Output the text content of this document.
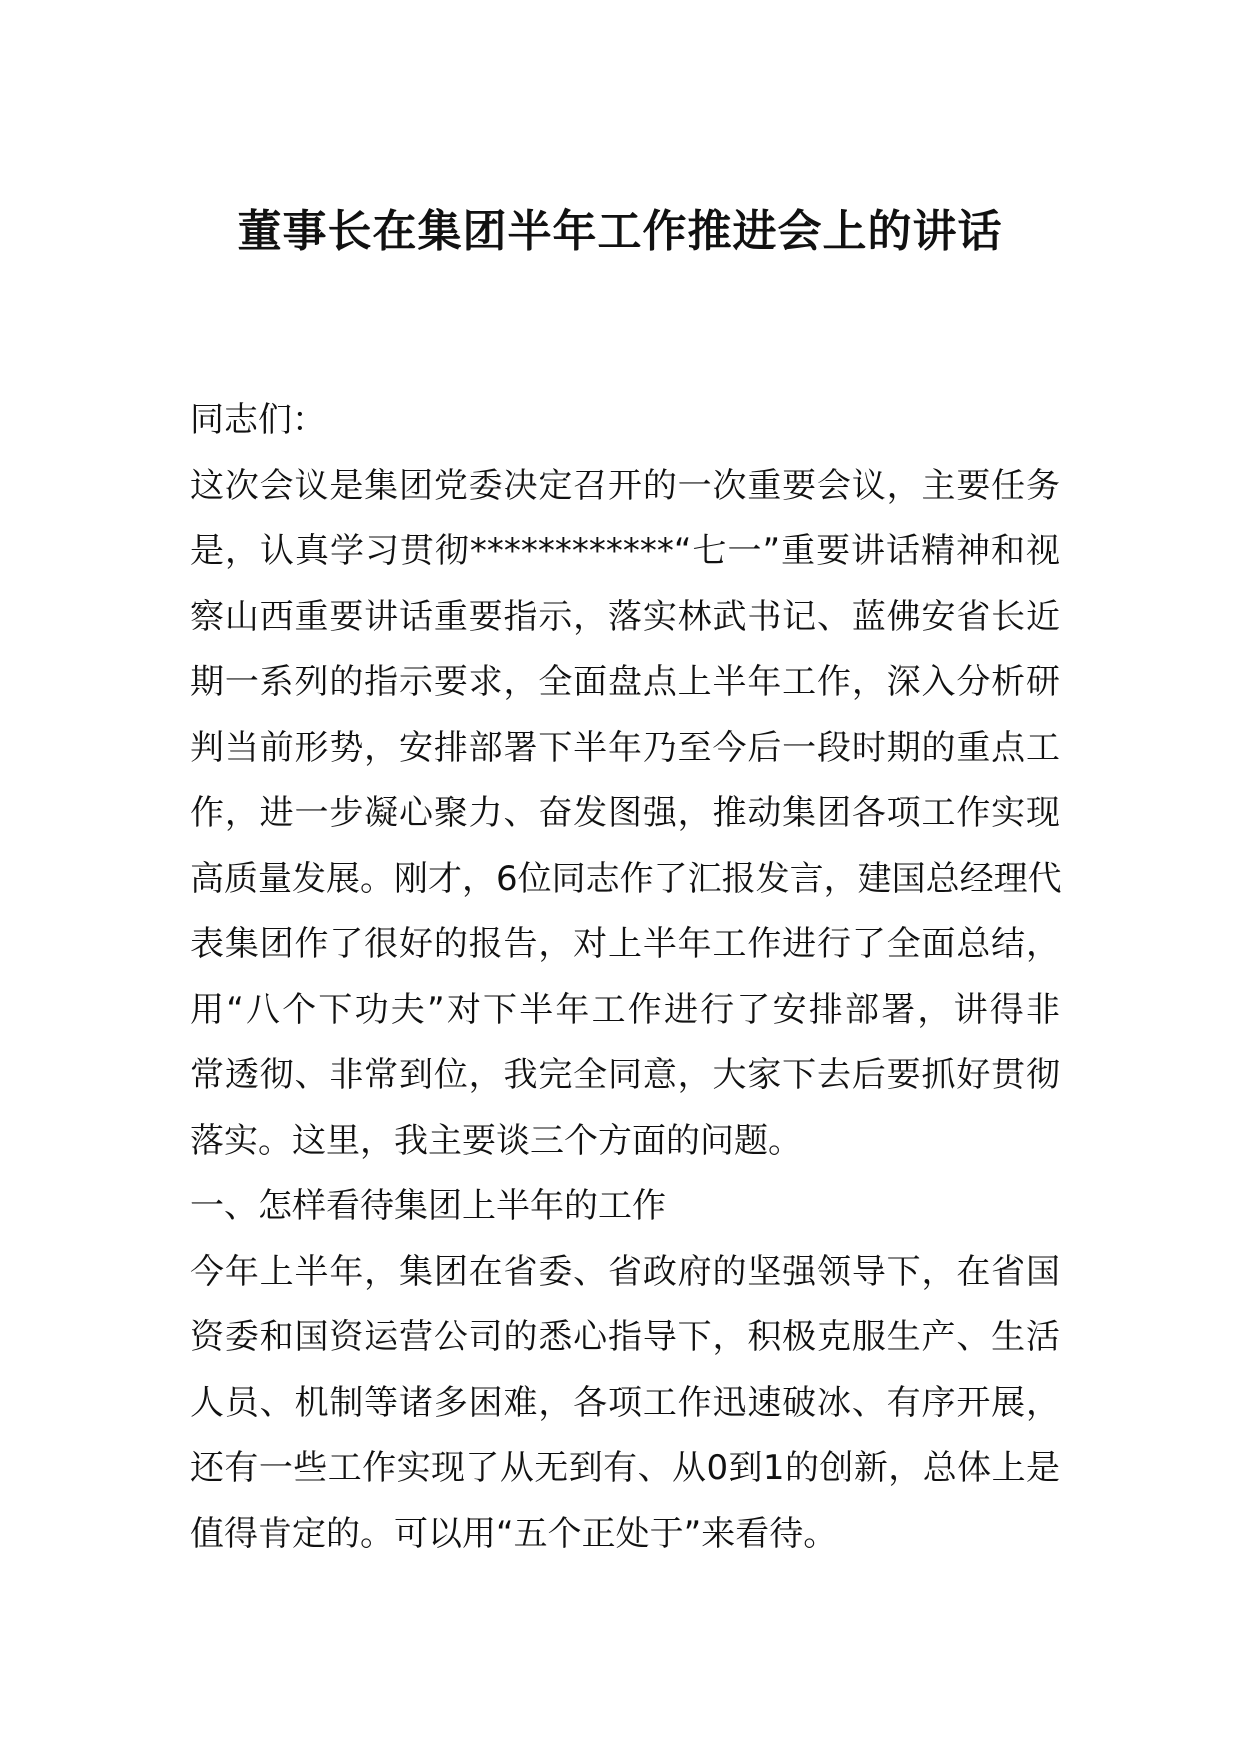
董事长在集团半年工作推进会上的讲话
同志们：
这次会议是集团党委决定召开的一次重要会议，主要任务
是，认真学习贯彻************“七一”重要讲话精神和视
察山西重要讲话重要指示，落实林武书记、蓝佛安省长近
期一系列的指示要求，全面盘点上半年工作，深入分析研
判当前形势，安排部署下半年乃至今后一段时期的重点工
作，进一步凝心聚力、奋发图强，推动集团各项工作实现
高质量发展。刚才，6位同志作了汇报发言，建国总经理代
表集团作了很好的报告，对上半年工作进行了全面总结，
用“八个下功夫”对下半年工作进行了安排部署，讲得非
常透彻、非常到位，我完全同意，大家下去后要抓好贯彻
落实。这里，我主要谈三个方面的问题。
一、怎样看待集团上半年的工作
今年上半年，集团在省委、省政府的坚强领导下，在省国
资委和国资运营公司的悉心指导下，积极克服生产、生活
人员、机制等诸多困难，各项工作迅速破冰、有序开展，
还有一些工作实现了从无到有、从0到1的创新，总体上是
值得肯定的。可以用“五个正处于”来看待。
